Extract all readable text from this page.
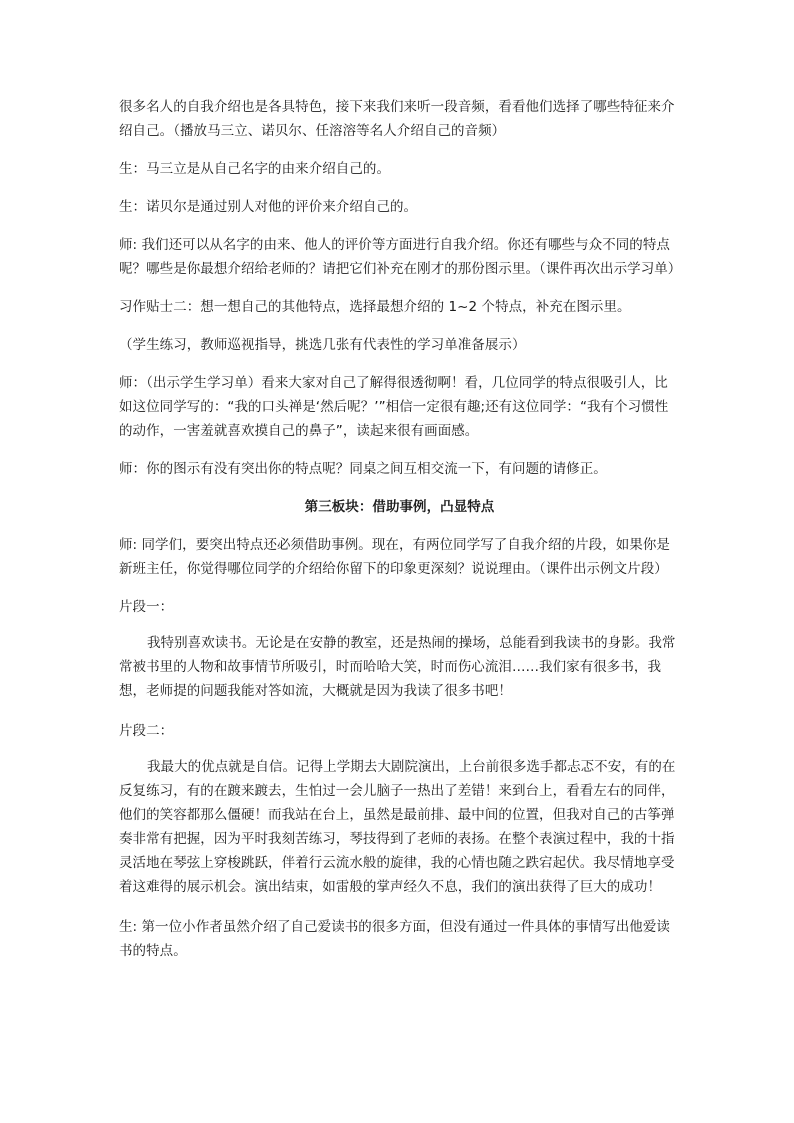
很多名人的自我介绍也是各具特色，接下来我们来听一段音频，看看他们选择了哪些特征来介绍自己。（播放马三立、诺贝尔、任溶溶等名人介绍自己的音频）

生：马三立是从自己名字的由来介绍自己的。

生：诺贝尔是通过别人对他的评价来介绍自己的。

师: 我们还可以从名字的由来、他人的评价等方面进行自我介绍。你还有哪些与众不同的特点呢？哪些是你最想介绍给老师的？请把它们补充在刚才的那份图示里。（课件再次出示学习单）

习作贴士二：想一想自己的其他特点，选择最想介绍的 1~2 个特点，补充在图示里。

（学生练习，教师巡视指导，挑选几张有代表性的学习单准备展示）

师：（出示学生学习单）看来大家对自己了解得很透彻啊！看，几位同学的特点很吸引人，比如这位同学写的：“我的口头禅是‘然后呢？’”相信一定很有趣;还有这位同学：“我有个习惯性的动作，一害羞就喜欢摸自己的鼻子”，读起来很有画面感。

师：你的图示有没有突出你的特点呢？同桌之间互相交流一下，有问题的请修正。

第三板块：借助事例，凸显特点

师: 同学们，要突出特点还必须借助事例。现在，有两位同学写了自我介绍的片段，如果你是新班主任，你觉得哪位同学的介绍给你留下的印象更深刻？说说理由。（课件出示例文片段）

片段一：

我特别喜欢读书。无论是在安静的教室，还是热闹的操场，总能看到我读书的身影。我常常被书里的人物和故事情节所吸引，时而哈哈大笑，时而伤心流泪……我们家有很多书，我想，老师提的问题我能对答如流，大概就是因为我读了很多书吧！

片段二：

我最大的优点就是自信。记得上学期去大剧院演出，上台前很多选手都忐忑不安，有的在反复练习，有的在踱来踱去，生怕过一会儿脑子一热出了差错！来到台上，看看左右的同伴，他们的笑容都那么僵硬！而我站在台上，虽然是最前排、最中间的位置，但我对自己的古筝弹奏非常有把握，因为平时我刻苦练习，琴技得到了老师的表扬。在整个表演过程中，我的十指灵活地在琴弦上穿梭跳跃，伴着行云流水般的旋律，我的心情也随之跌宕起伏。我尽情地享受着这难得的展示机会。演出结束，如雷般的掌声经久不息，我们的演出获得了巨大的成功！

生: 第一位小作者虽然介绍了自己爱读书的很多方面，但没有通过一件具体的事情写出他爱读书的特点。
